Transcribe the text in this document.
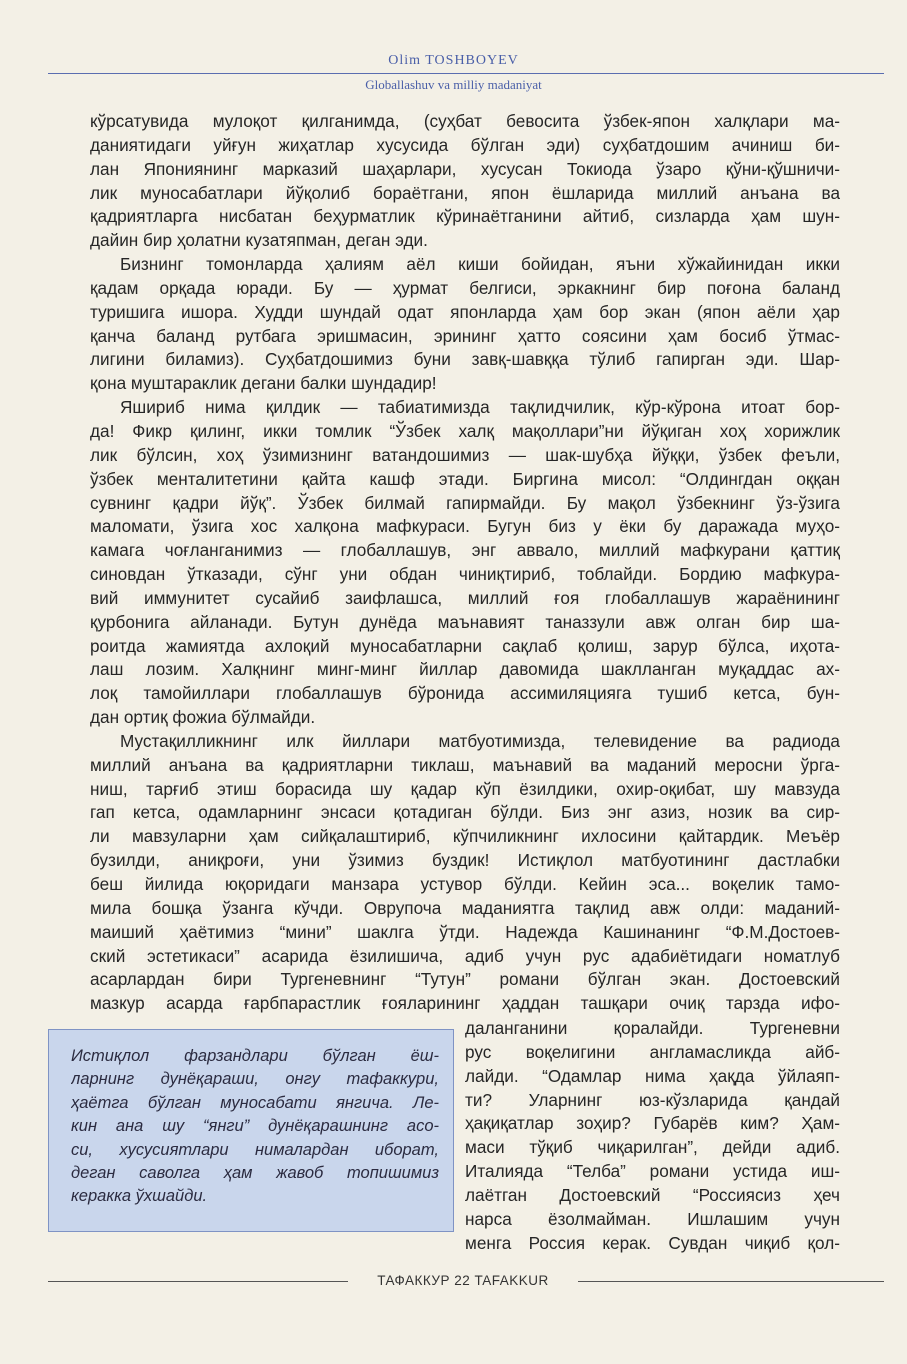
Olim TOSHBOYEV
Globallashuv va milliy madaniyat
кўрсатувида мулоқот қилганимда, (суҳбат бевосита ўзбек-япон халқлари ма-
даниятидаги уйғун жиҳатлар хусусида бўлган эди) суҳбатдошим ачиниш би-
лан Япониянинг марказий шаҳарлари, хусусан Токиода ўзаро қўни-қўшничи-
лик муносабатлари йўқолиб бораётгани, япон ёшларида миллий анъана ва
қадриятларга нисбатан беҳурматлик кўринаётганини айтиб, сизларда ҳам шун-
дайин бир ҳолатни кузатяпман, деган эди.
Бизнинг томонларда ҳалиям аёл киши бойидан, яъни хўжайинидан икки
қадам орқада юради. Бу — ҳурмат белгиси, эркакнинг бир поғона баланд
туришига ишора. Худди шундай одат японларда ҳам бор экан (япон аёли ҳар
қанча баланд рутбага эришмасин, эрининг ҳатто соясини ҳам босиб ўтмас-
лигини биламиз). Суҳбатдошимиз буни завқ-шавққа тўлиб гапирган эди. Шар-
қона муштараклик дегани балки шундадир!
Яшириб нима қилдик — табиатимизда тақлидчилик, кўр-кўрона итоат бор-
да! Фикр қилинг, икки томлик “Ўзбек халқ мақоллари”ни йўқиган хоҳ хорижлик
лик бўлсин, хоҳ ўзимизнинг ватандошимиз — шак-шубҳа йўққи, ўзбек феъли,
ўзбек менталитетини қайта кашф этади. Биргина мисол: “Олдингдан оққан
сувнинг қадри йўқ”. Ўзбек билмай гапирмайди. Бу мақол ўзбекнинг ўз-ўзига
маломати, ўзига хос халқона мафкураси. Бугун биз у ёки бу даражада муҳо-
камага чоғланганимиз — глобаллашув, энг аввало, миллий мафкурани қаттиқ
синовдан ўтказади, сўнг уни обдан чиниқтириб, тоблайди. Бордию мафкура-
вий иммунитет сусайиб заифлашса, миллий ғоя глобаллашув жараёнининг
қурбонига айланади. Бутун дунёда маънавият таназзули авж олган бир ша-
роитда жамиятда ахлоқий муносабатларни сақлаб қолиш, зарур бўлса, иҳота-
лаш лозим. Халқнинг минг-минг йиллар давомида шаклланган муқаддас ах-
лоқ тамойиллари глобаллашув бўронида ассимиляцияга тушиб кетса, бун-
дан ортиқ фожиа бўлмайди.
Мустақилликнинг илк йиллари матбуотимизда, телевидение ва радиода
миллий анъана ва қадриятларни тиклаш, маънавий ва маданий меросни ўрга-
ниш, тарғиб этиш борасида шу қадар кўп ёзилдики, охир-оқибат, шу мавзуда
гап кетса, одамларнинг энсаси қотадиган бўлди. Биз энг азиз, нозик ва сир-
ли мавзуларни ҳам сийқалаштириб, кўпчиликнинг ихлосини қайтардик. Меъёр
бузилди, аниқроғи, уни ўзимиз буздик! Истиқлол матбуотининг дастлабки
беш йилида юқоридаги манзара устувор бўлди. Кейин эса... воқелик тамо-
мила бошқа ўзанга кўчди. Оврупоча маданиятга тақлид авж олди: маданий-
маиший ҳаётимиз “мини” шаклга ўтди. Надежда Кашинанинг “Ф.М.Достоев-
ский эстетикаси” асарида ёзилишича, адиб учун рус адабиётидаги номатлуб
асарлардан бири Тургеневнинг “Тутун” романи бўлган экан. Достоевский
мазкур асарда ғарбпарастлик ғояларининг ҳаддан ташқари очиқ тарзда ифо-
даланганини қоралайди. Тургеневни
рус воқелигини англамасликда айб-
лайди. “Одамлар нима ҳақда ўйлаяп-
ти? Уларнинг юз-кўзларида қандай
ҳақиқатлар зоҳир? Губарёв ким? Ҳам-
маси тўқиб чиқарилган”, дейди адиб.
Италияда “Телба” романи устида иш-
лаётган Достоевский “Россиясиз ҳеч
нарса ёзолмайман. Ишлашим учун
менга Россия керак. Сувдан чиқиб қол-
Истиқлол фарзандлари бўлган ёш-
ларнинг дунёқараши, онгу тафаккури,
ҳаётга бўлган муносабати янгича. Ле-
кин ана шу “янги” дунёқарашнинг асо-
си, хусусиятлари нималардан иборат,
деган саволга ҳам жавоб топишимиз
керакка ўхшайди.
ТАФАККУР 22 TAFAKKUR
